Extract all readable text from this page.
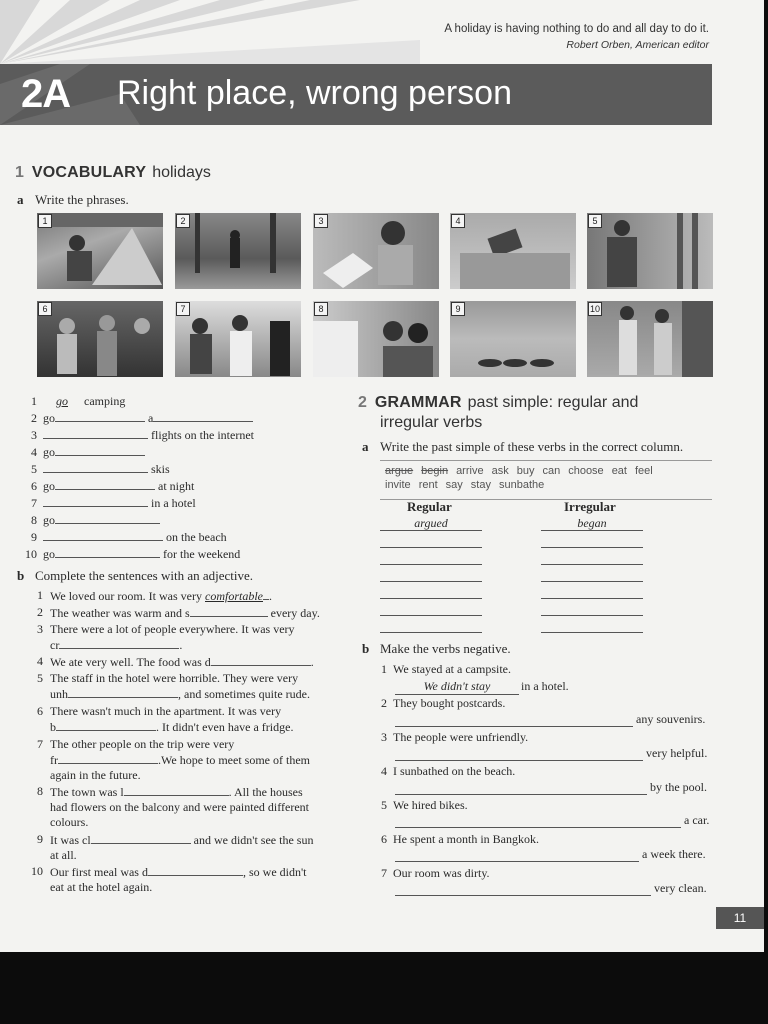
A holiday is having nothing to do and all day to do it.
Robert Orben, American editor
2A Right place, wrong person
1 VOCABULARY holidays
a Write the phrases.
1	2	3	4	5
6	7	8	9	10
1 go camping
2 go	a
3	flights on the internet
4 go
5	skis
6 go	at night
7	in a hotel
8 go
9	on the beach
10 go	for the weekend
b Complete the sentences with an adjective.
1 We loved our room. It was very comfortable .
2 The weather was warm and s	every day.
3 There were a lot of people everywhere. It was very
cr	.
4 We ate very well. The food was d	.
5 The staff in the hotel were horrible. They were very
unh	, and sometimes quite rude.
6 There wasn't much in the apartment. It was very
b	. It didn't even have a fridge.
7 The other people on the trip were very
fr	.We hope to meet some of them
again in the future.
8 The town was l	. All the houses
had flowers on the balcony and were painted different
colours.
9 It was cl	and we didn't see the sun
at all.
10 Our first meal was d	, so we didn't
eat at the hotel again.
2 GRAMMAR past simple: regular and
irregular verbs
a Write the past simple of these verbs in the correct column.
argue begin arrive ask buy can choose eat feel
invite rent say stay sunbathe
Regular	Irregular
argued	began
b Make the verbs negative.
1 We stayed at a campsite.
We didn't stay	in a hotel.
2 They bought postcards.
any souvenirs.
3 The people were unfriendly.
very helpful.
4 I sunbathed on the beach.
by the pool.
5 We hired bikes.
a car.
6 He spent a month in Bangkok.
a week there.
7 Our room was dirty.
very clean.
11
